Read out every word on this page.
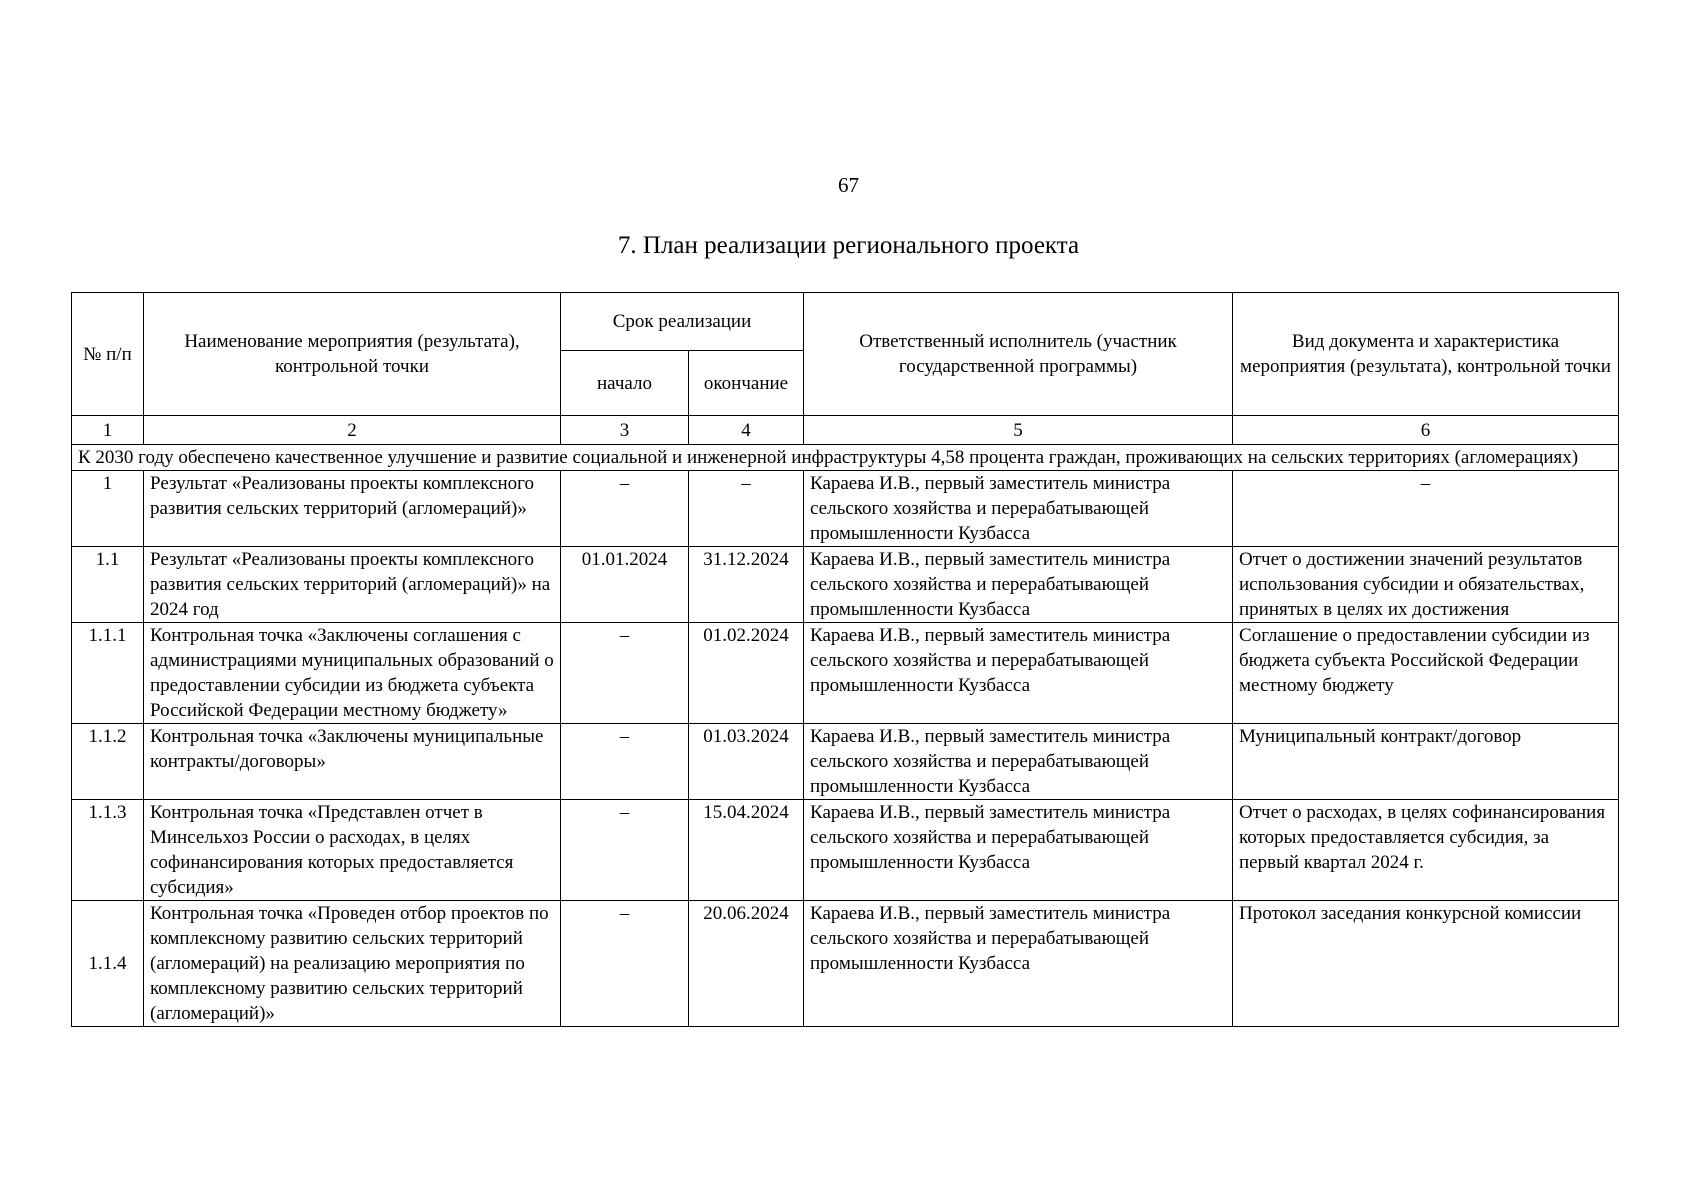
67
7. План реализации регионального проекта
№ п/п	Наименование мероприятия (результата), контрольной точки	Срок реализации		Ответственный исполнитель (участник государственной программы)	Вид документа и характеристика мероприятия (результата), контрольной точки
		начало	окончание		
1	2	3	4	5	6
К 2030 году обеспечено качественное улучшение и развитие социальной и инженерной инфраструктуры 4,58 процента граждан, проживающих на сельских территориях (агломерациях)					
1	Результат «Реализованы проекты комплексного развития сельских территорий (агломераций)»	–	–	Караева И.В., первый заместитель министра сельского хозяйства и перерабатывающей промышленности Кузбасса	–
1.1	Результат «Реализованы проекты комплексного развития сельских территорий (агломераций)» на 2024 год	01.01.2024	31.12.2024	Караева И.В., первый заместитель министра сельского хозяйства и перерабатывающей промышленности Кузбасса	Отчет о достижении значений результатов использования субсидии и обязательствах, принятых в целях их достижения
1.1.1	Контрольная точка «Заключены соглашения с администрациями муниципальных образований о предоставлении субсидии из бюджета субъекта Российской Федерации местному бюджету»	–	01.02.2024	Караева И.В., первый заместитель министра сельского хозяйства и перерабатывающей промышленности Кузбасса	Соглашение о предоставлении субсидии из бюджета субъекта Российской Федерации местному бюджету
1.1.2	Контрольная точка «Заключены муниципальные контракты/договоры»	–	01.03.2024	Караева И.В., первый заместитель министра сельского хозяйства и перерабатывающей промышленности Кузбасса	Муниципальный контракт/договор
1.1.3	Контрольная точка «Представлен отчет в Минсельхоз России о расходах, в целях софинансирования которых предоставляется субсидия»	–	15.04.2024	Караева И.В., первый заместитель министра сельского хозяйства и перерабатывающей промышленности Кузбасса	Отчет о расходах, в целях софинансирования которых предоставляется субсидия, за первый квартал 2024 г.
1.1.4	Контрольная точка «Проведен отбор проектов по комплексному развитию сельских территорий (агломераций) на реализацию мероприятия по комплексному развитию сельских территорий (агломераций)»	–	20.06.2024	Караева И.В., первый заместитель министра сельского хозяйства и перерабатывающей промышленности Кузбасса	Протокол заседания конкурсной комиссии
